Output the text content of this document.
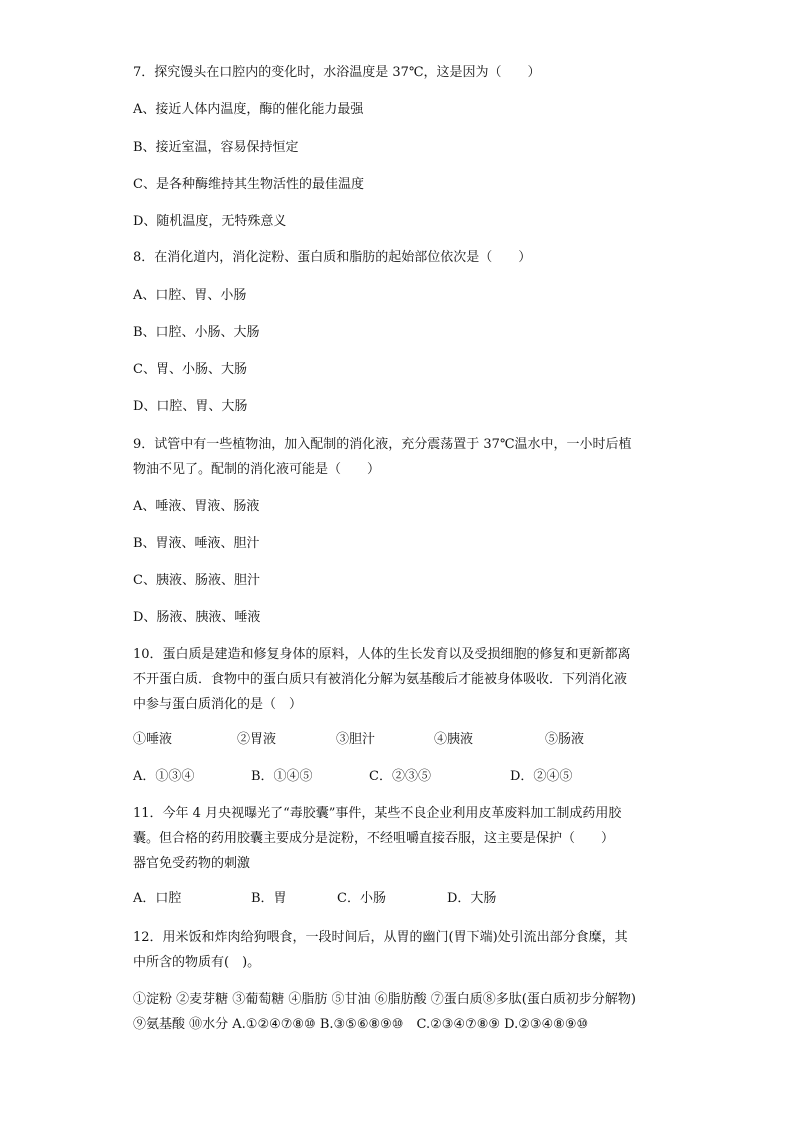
7．探究馒头在口腔内的变化时，水浴温度是 37℃，这是因为（　　）
A、接近人体内温度，酶的催化能力最强
B、接近室温，容易保持恒定
C、是各种酶维持其生物活性的最佳温度
D、随机温度，无特殊意义
8．在消化道内，消化淀粉、蛋白质和脂肪的起始部位依次是（　　）
A、口腔、胃、小肠
B、口腔、小肠、大肠
C、胃、小肠、大肠
D、口腔、胃、大肠
9．试管中有一些植物油，加入配制的消化液，充分震荡置于 37℃温水中，一小时后植
物油不见了。配制的消化液可能是（　　）
A、唾液、胃液、肠液
B、胃液、唾液、胆汁
C、胰液、肠液、胆汁
D、肠液、胰液、唾液
10．蛋白质是建造和修复身体的原料，人体的生长发育以及受损细胞的修复和更新都离
不开蛋白质．食物中的蛋白质只有被消化分解为氨基酸后才能被身体吸收．下列消化液
中参与蛋白质消化的是（　）
①唾液	②胃液	③胆汁	④胰液	⑤肠液
A．①③④	B．①④⑤	C．②③⑤	D．②④⑤
11．今年 4 月央视曝光了“毒胶囊”事件，某些不良企业利用皮革废料加工制成药用胶
囊。但合格的药用胶囊主要成分是淀粉，不经咀嚼直接吞服，这主要是保护（　　）
器官免受药物的刺激
A．口腔	B．胃	C．小肠	D．大肠
12．用米饭和炸肉给狗喂食，一段时间后，从胃的幽门(胃下端)处引流出部分食糜，其
中所含的物质有(　)。
①淀粉 ②麦芽糖 ③葡萄糖 ④脂肪 ⑤甘油 ⑥脂肪酸 ⑦蛋白质⑧多肽(蛋白质初步分解物)
⑨氨基酸 ⑩水分 A.①②④⑦⑧⑩ B.③⑤⑥⑧⑨⑩　C.②③④⑦⑧⑨ D.②③④⑧⑨⑩
